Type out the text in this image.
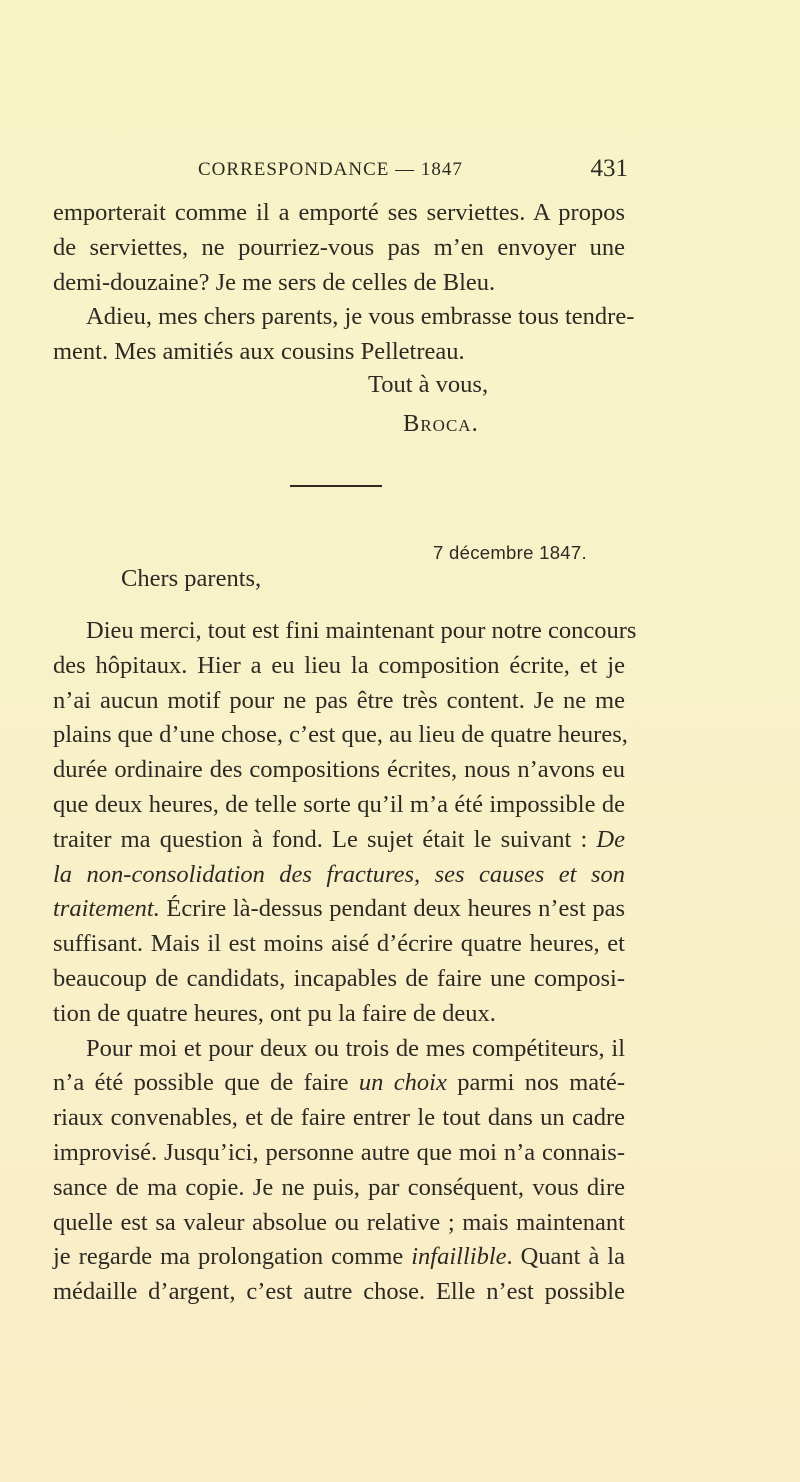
CORRESPONDANCE — 1847	431
emporterait comme il a emporté ses serviettes. A propos
de serviettes, ne pourriez-vous pas m’en envoyer une
demi-douzaine? Je me sers de celles de Bleu.
Adieu, mes chers parents, je vous embrasse tous tendre-
ment. Mes amitiés aux cousins Pelletreau.
Tout à vous,
Broca.
7 décembre 1847.
Chers parents,
Dieu merci, tout est fini maintenant pour notre concours
des hôpitaux. Hier a eu lieu la composition écrite, et je
n’ai aucun motif pour ne pas être très content. Je ne me
plains que d’une chose, c’est que, au lieu de quatre heures,
durée ordinaire des compositions écrites, nous n’avons eu
que deux heures, de telle sorte qu’il m’a été impossible de
traiter ma question à fond. Le sujet était le suivant : De
la non-consolidation des fractures, ses causes et son
traitement. Écrire là-dessus pendant deux heures n’est pas
suffisant. Mais il est moins aisé d’écrire quatre heures, et
beaucoup de candidats, incapables de faire une composi-
tion de quatre heures, ont pu la faire de deux.
Pour moi et pour deux ou trois de mes compétiteurs, il
n’a été possible que de faire un choix parmi nos maté-
riaux convenables, et de faire entrer le tout dans un cadre
improvisé. Jusqu’ici, personne autre que moi n’a connais-
sance de ma copie. Je ne puis, par conséquent, vous dire
quelle est sa valeur absolue ou relative ; mais maintenant
je regarde ma prolongation comme infaillible. Quant à la
médaille d’argent, c’est autre chose. Elle n’est possible
